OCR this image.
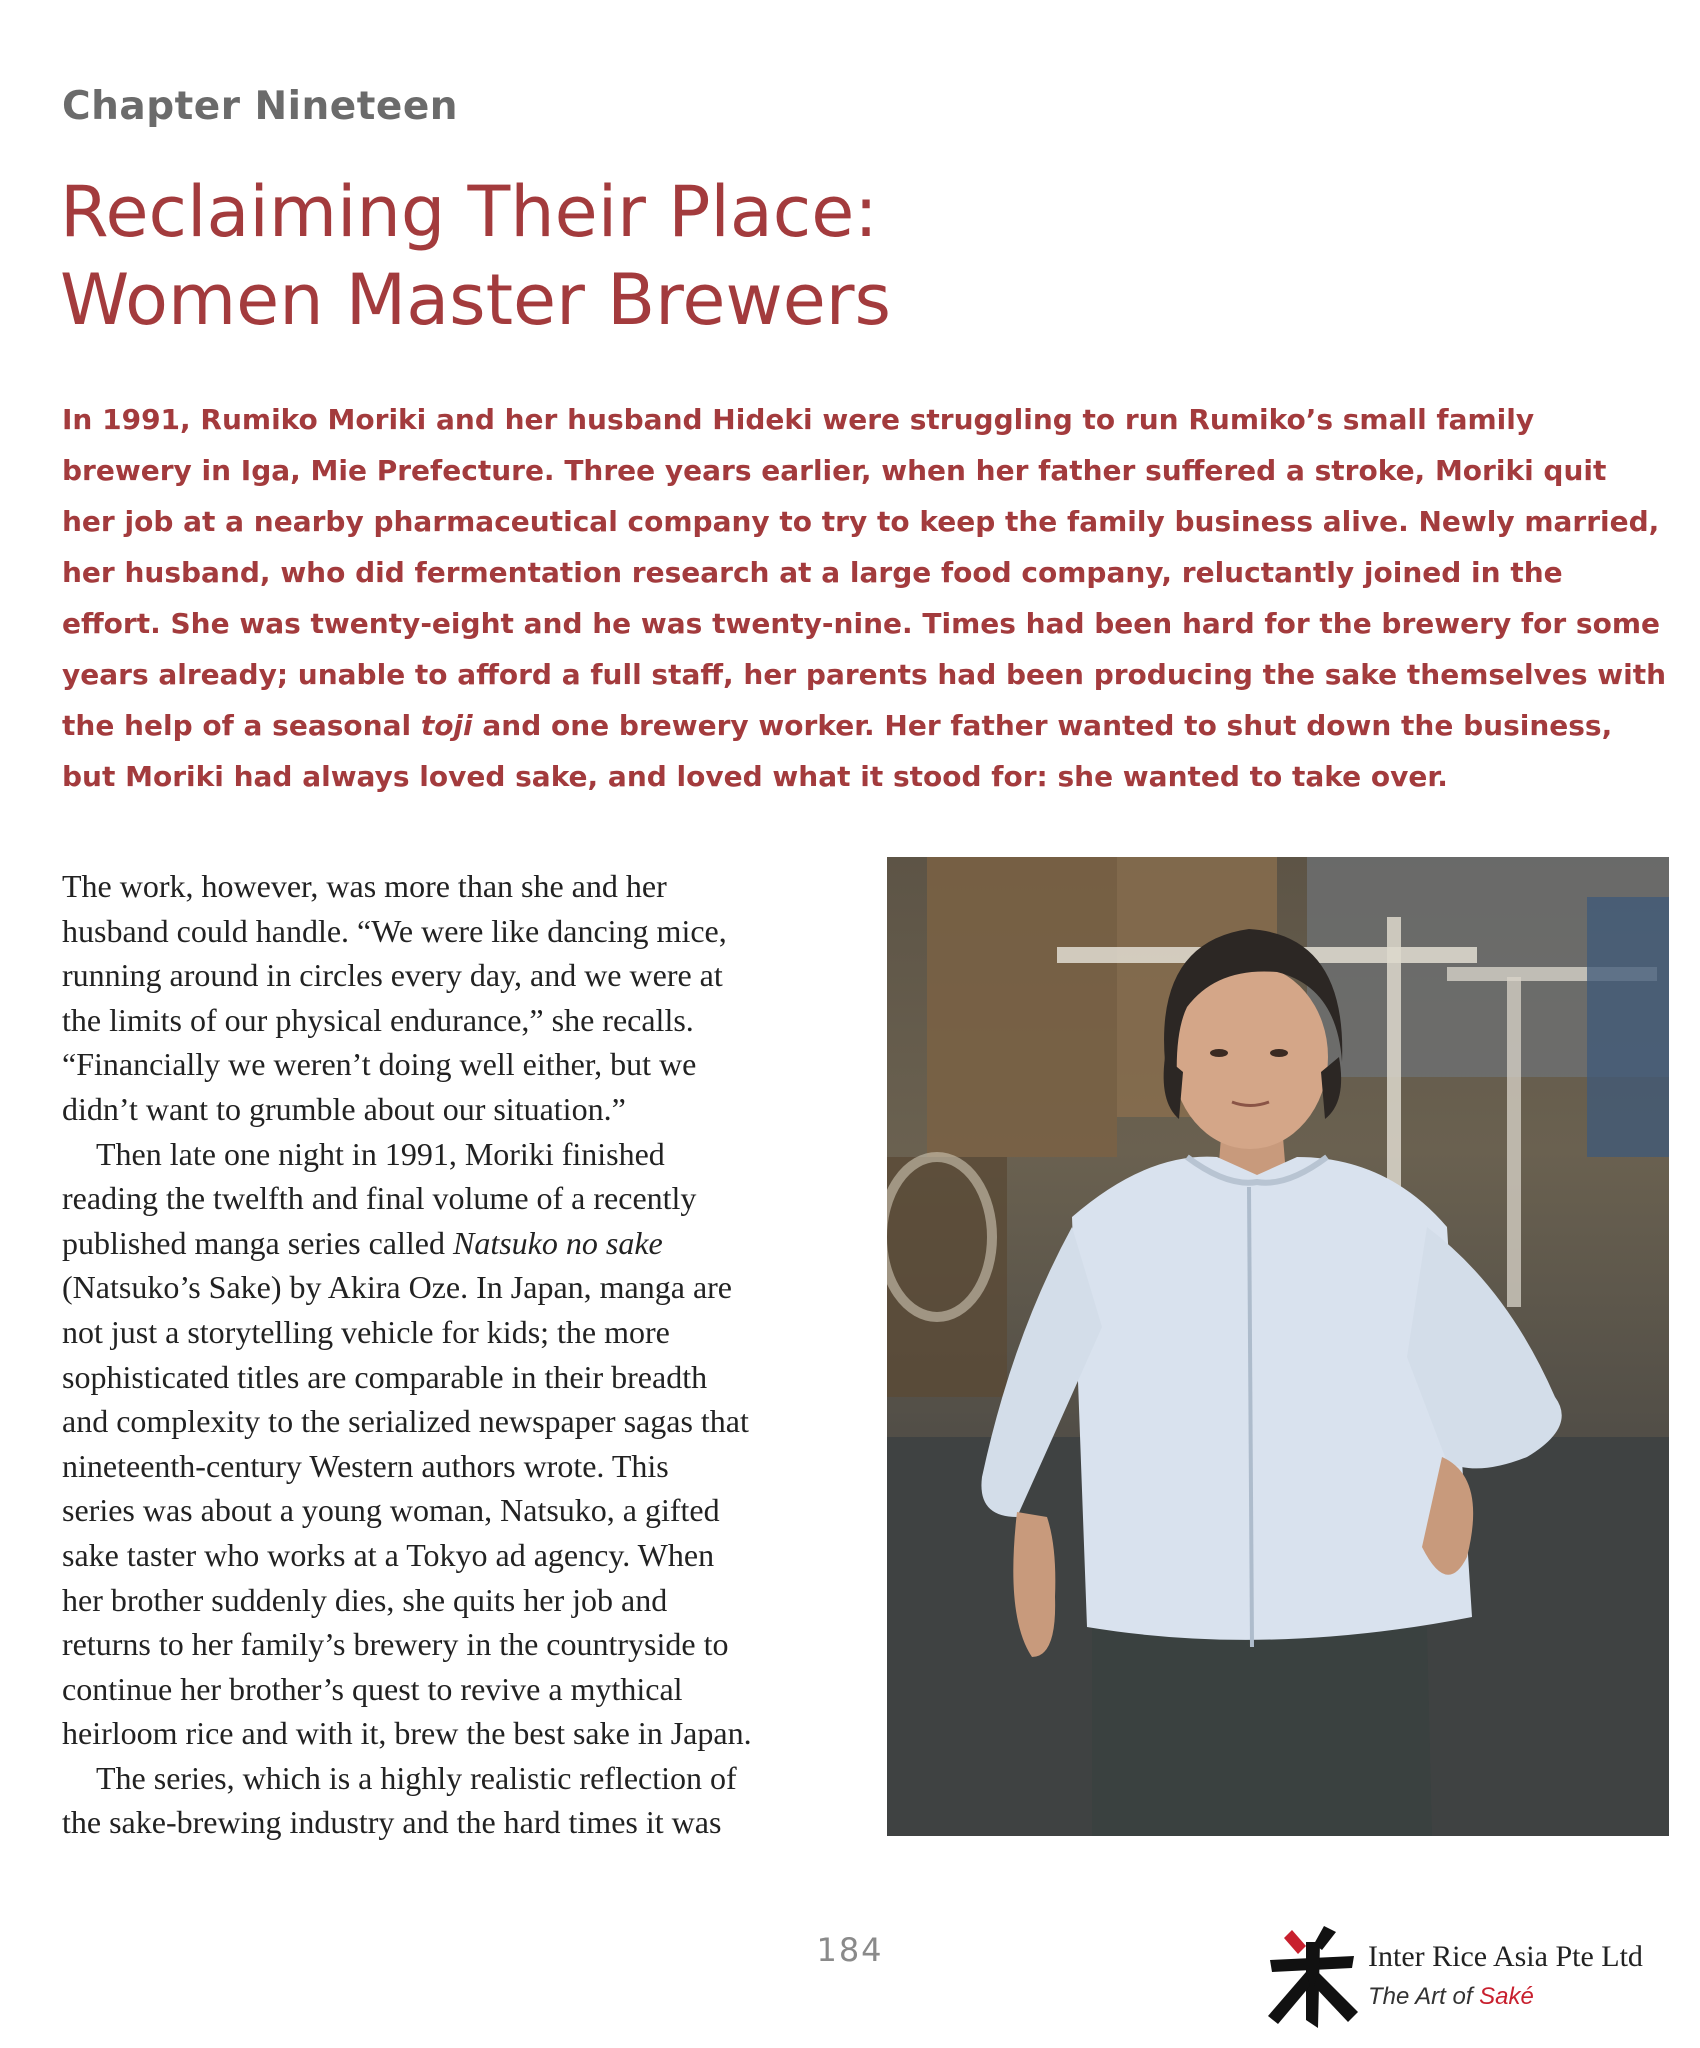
Chapter Nineteen
Reclaiming Their Place:
Women Master Brewers
In 1991, Rumiko Moriki and her husband Hideki were struggling to run Rumiko’s small family
brewery in Iga, Mie Prefecture. Three years earlier, when her father suffered a stroke, Moriki quit
her job at a nearby pharmaceutical company to try to keep the family business alive. Newly married,
her husband, who did fermentation research at a large food company, reluctantly joined in the
effort. She was twenty-eight and he was twenty-nine. Times had been hard for the brewery for some
years already; unable to afford a full staff, her parents had been producing the sake themselves with
the help of a seasonal toji and one brewery worker. Her father wanted to shut down the business,
but Moriki had always loved sake, and loved what it stood for: she wanted to take over.
The work, however, was more than she and her
husband could handle. “We were like dancing mice,
running around in circles every day, and we were at
the limits of our physical endurance,” she recalls.
“Financially we weren’t doing well either, but we
didn’t want to grumble about our situation.”
Then late one night in 1991, Moriki finished
reading the twelfth and final volume of a recently
published manga series called Natsuko no sake
(Natsuko’s Sake) by Akira Oze. In Japan, manga are
not just a storytelling vehicle for kids; the more
sophisticated titles are comparable in their breadth
and complexity to the serialized newspaper sagas that
nineteenth-century Western authors wrote. This
series was about a young woman, Natsuko, a gifted
sake taster who works at a Tokyo ad agency. When
her brother suddenly dies, she quits her job and
returns to her family’s brewery in the countryside to
continue her brother’s quest to revive a mythical
heirloom rice and with it, brew the best sake in Japan.
The series, which is a highly realistic reflection of
the sake-brewing industry and the hard times it was
184	Inter Rice Asia Pte Ltd
The Art of Saké
